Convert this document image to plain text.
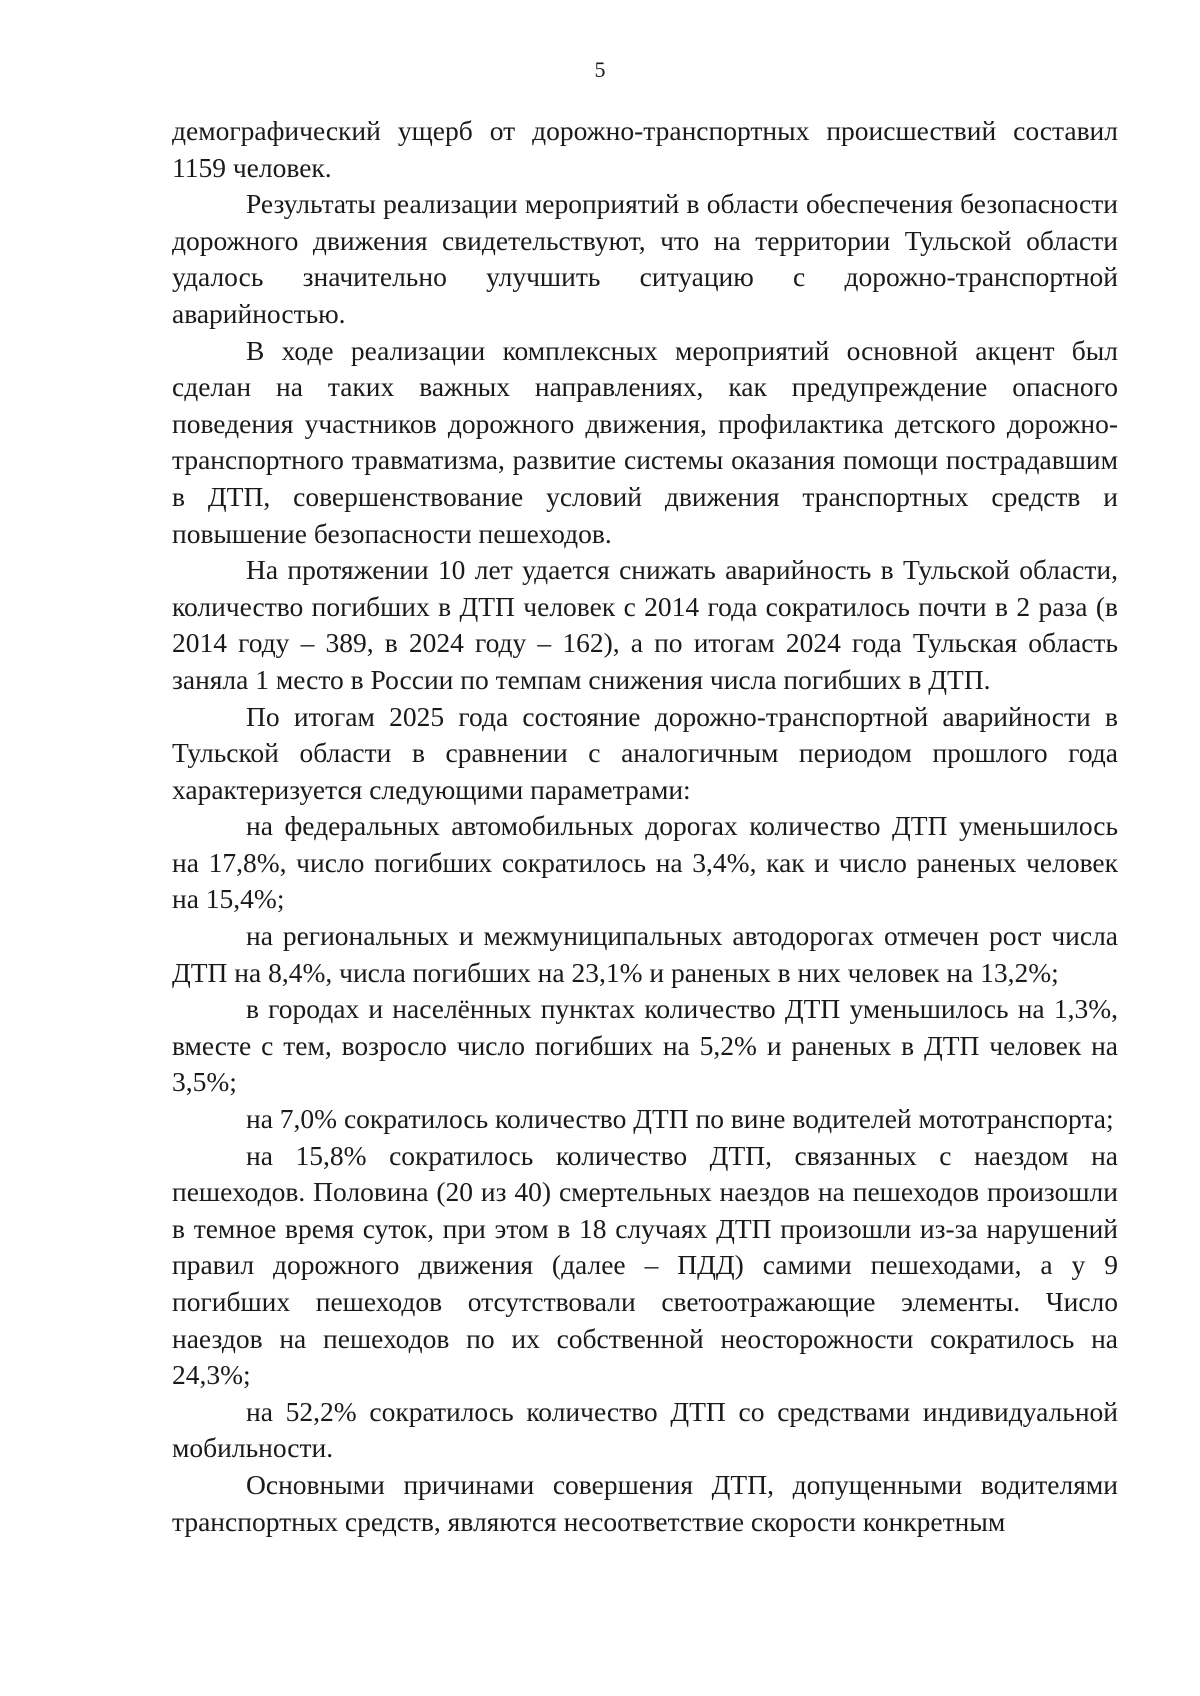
5

демографический ущерб от дорожно-транспортных происшествий составил 1159 человек.

Результаты реализации мероприятий в области обеспечения безопасности дорожного движения свидетельствуют, что на территории Тульской области удалось значительно улучшить ситуацию с дорожно-транспортной аварийностью.

В ходе реализации комплексных мероприятий основной акцент был сделан на таких важных направлениях, как предупреждение опасного поведения участников дорожного движения, профилактика детского дорожно-транспортного травматизма, развитие системы оказания помощи пострадавшим в ДТП, совершенствование условий движения транспортных средств и повышение безопасности пешеходов.

На протяжении 10 лет удается снижать аварийность в Тульской области, количество погибших в ДТП человек с 2014 года сократилось почти в 2 раза (в 2014 году – 389, в 2024 году – 162), а по итогам 2024 года Тульская область заняла 1 место в России по темпам снижения числа погибших в ДТП.

По итогам 2025 года состояние дорожно-транспортной аварийности в Тульской области в сравнении с аналогичным периодом прошлого года характеризуется следующими параметрами:

на федеральных автомобильных дорогах количество ДТП уменьшилось на 17,8%, число погибших сократилось на 3,4%, как и число раненых человек на 15,4%;

на региональных и межмуниципальных автодорогах отмечен рост числа ДТП на 8,4%, числа погибших на 23,1% и раненых в них человек на 13,2%;

в городах и населённых пунктах количество ДТП уменьшилось на 1,3%, вместе с тем, возросло число погибших на 5,2% и раненых в ДТП человек на 3,5%;

на 7,0% сократилось количество ДТП по вине водителей мототранспорта;

на 15,8% сократилось количество ДТП, связанных с наездом на пешеходов. Половина (20 из 40) смертельных наездов на пешеходов произошли в темное время суток, при этом в 18 случаях ДТП произошли из-за нарушений правил дорожного движения (далее – ПДД) самими пешеходами, а у 9 погибших пешеходов отсутствовали светоотражающие элементы. Число наездов на пешеходов по их собственной неосторожности сократилось на 24,3%;

на 52,2% сократилось количество ДТП со средствами индивидуальной мобильности.

Основными причинами совершения ДТП, допущенными водителями транспортных средств, являются несоответствие скорости конкретным
